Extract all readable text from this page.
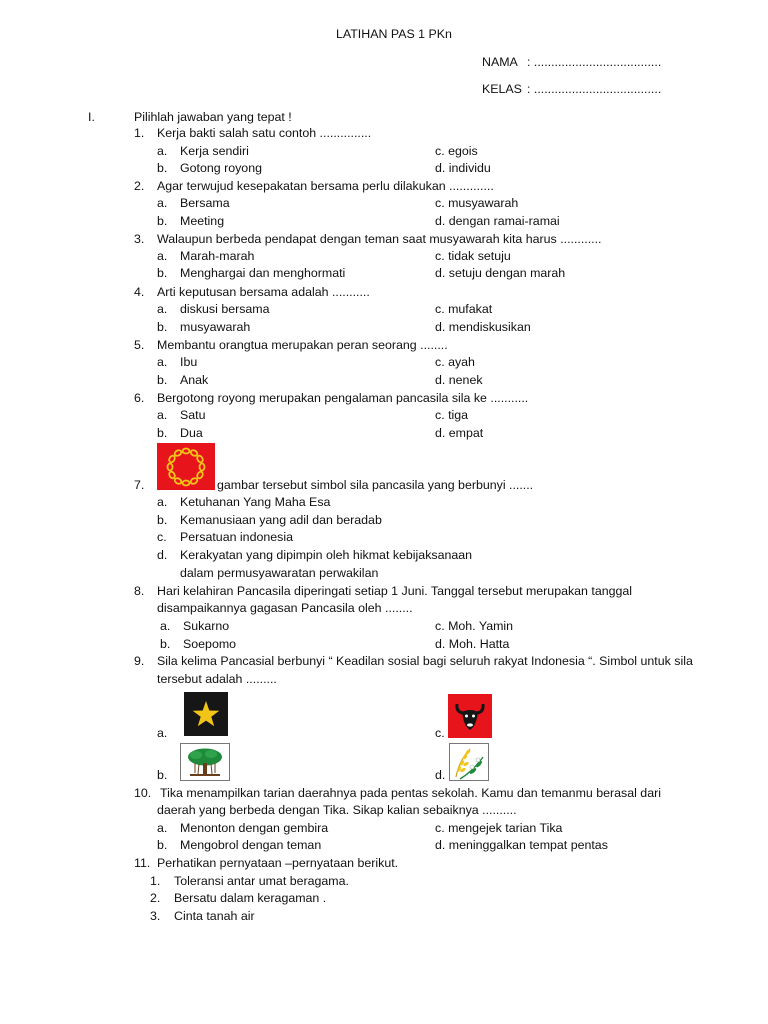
LATIHAN PAS 1 PKn
NAMA : .....................................
KELAS : .....................................
I.	Pilihlah jawaban yang tepat !
1. Kerja bakti salah satu contoh ...............
a. Kerja sendiri
b. Gotong royong
c. egois
d. individu
2. Agar terwujud kesepakatan bersama perlu dilakukan .............
a. Bersama
b. Meeting
c. musyawarah
d. dengan ramai-ramai
3. Walaupun berbeda pendapat dengan teman saat musyawarah kita harus ............
a. Marah-marah
b. Menghargai dan menghormati
c. tidak setuju
d. setuju dengan marah
4. Arti keputusan bersama adalah ...........
a. diskusi bersama
b. musyawarah
c. mufakat
d. mendiskusikan
5. Membantu orangtua merupakan peran seorang ........
a. Ibu
b. Anak
c. ayah
d. nenek
6. Bergotong royong merupakan pengalaman pancasila sila ke ...........
a. Satu
b. Dua
c. tiga
d. empat
7.	gambar tersebut simbol sila pancasila yang berbunyi .......
a. Ketuhanan Yang Maha Esa
b. Kemanusiaan yang adil dan beradab
c. Persatuan indonesia
d. Kerakyatan yang dipimpin oleh hikmat kebijaksanaan
dalam permusyawaratan perwakilan
8. Hari kelahiran Pancasila diperingati setiap 1 Juni. Tanggal tersebut merupakan tanggal
disampaikannya gagasan Pancasila oleh ........
a. Sukarno
b. Soepomo
c. Moh. Yamin
d. Moh. Hatta
9. Sila kelima Pancasial berbunyi “ Keadilan sosial bagi seluruh rakyat Indonesia “. Simbol untuk sila
tersebut adalah .........
a.
b.
c.
d.
10. Tika menampilkan tarian daerahnya pada pentas sekolah. Kamu dan temanmu berasal dari
daerah yang berbeda dengan Tika. Sikap kalian sebaiknya ..........
a. Menonton dengan gembira
b. Mengobrol dengan teman
c. mengejek tarian Tika
d. meninggalkan tempat pentas
11. Perhatikan pernyataan –pernyataan berikut.
1. Toleransi antar umat beragama.
2. Bersatu dalam keragaman .
3. Cinta tanah air
